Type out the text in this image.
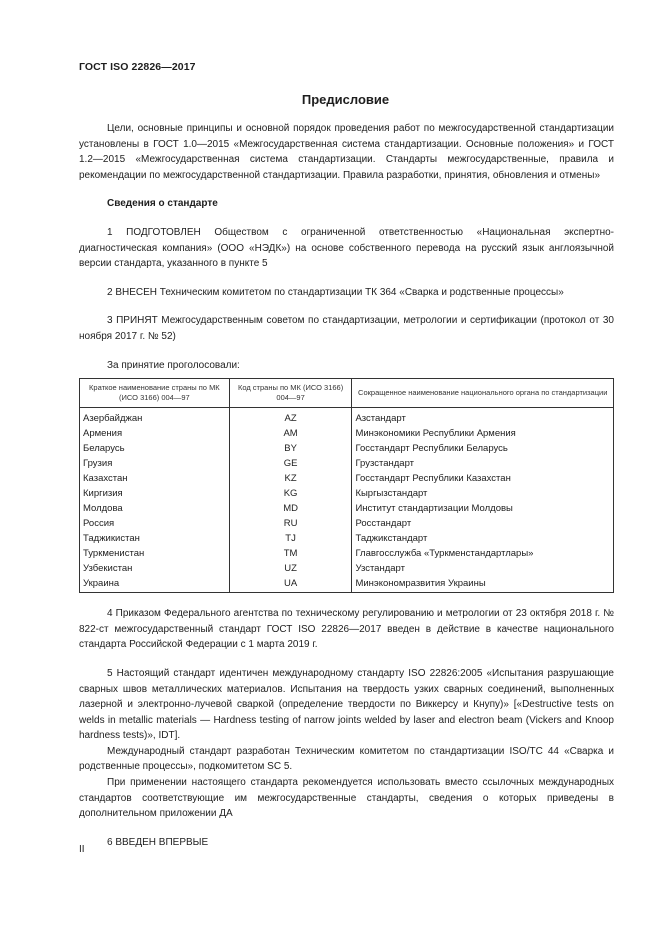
ГОСТ ISO 22826—2017
Предисловие

Цели, основные принципы и основной порядок проведения работ по межгосударственной стандартизации установлены в ГОСТ 1.0—2015 «Межгосударственная система стандартизации. Основные положения» и ГОСТ 1.2—2015 «Межгосударственная система стандартизации. Стандарты межгосударственные, правила и рекомендации по межгосударственной стандартизации. Правила разработки, принятия, обновления и отмены»

Сведения о стандарте

1 ПОДГОТОВЛЕН Обществом с ограниченной ответственностью «Национальная экспертно-диагностическая компания» (ООО «НЭДК») на основе собственного перевода на русский язык англоязычной версии стандарта, указанного в пункте 5

2 ВНЕСЕН Техническим комитетом по стандартизации ТК 364 «Сварка и родственные процессы»

3 ПРИНЯТ Межгосударственным советом по стандартизации, метрологии и сертификации (протокол от 30 ноября 2017 г. № 52)

За принятие проголосовали:

Краткое наименование страны по МК (ИСО 3166) 004—97	Код страны по МК (ИСО 3166) 004—97	Сокращенное наименование национального органа по стандартизации
Азербайджан	AZ	Азстандарт
Армения	AM	Минэкономики Республики Армения
Беларусь	BY	Госстандарт Республики Беларусь
Грузия	GE	Грузстандарт
Казахстан	KZ	Госстандарт Республики Казахстан
Киргизия	KG	Кыргызстандарт
Молдова	MD	Институт стандартизации Молдовы
Россия	RU	Росстандарт
Таджикистан	TJ	Таджикстандарт
Туркменистан	TM	Главгосслужба «Туркменстандартлары»
Узбекистан	UZ	Узстандарт
Украина	UA	Минэкономразвития Украины

4 Приказом Федерального агентства по техническому регулированию и метрологии от 23 октября 2018 г. № 822-ст межгосударственный стандарт ГОСТ ISO 22826—2017 введен в действие в качестве национального стандарта Российской Федерации с 1 марта 2019 г.

5 Настоящий стандарт идентичен международному стандарту ISO 22826:2005 «Испытания разрушающие сварных швов металлических материалов. Испытания на твердость узких сварных соединений, выполненных лазерной и электронно-лучевой сваркой (определение твердости по Виккерсу и Кнупу)» [«Destructive tests on welds in metallic materials — Hardness testing of narrow joints welded by laser and electron beam (Vickers and Knoop hardness tests)», IDT].

Международный стандарт разработан Техническим комитетом по стандартизации ISO/TC 44 «Сварка и родственные процессы», подкомитетом SC 5.

При применении настоящего стандарта рекомендуется использовать вместо ссылочных международных стандартов соответствующие им межгосударственные стандарты, сведения о которых приведены в дополнительном приложении ДА

6 ВВЕДЕН ВПЕРВЫЕ

II
